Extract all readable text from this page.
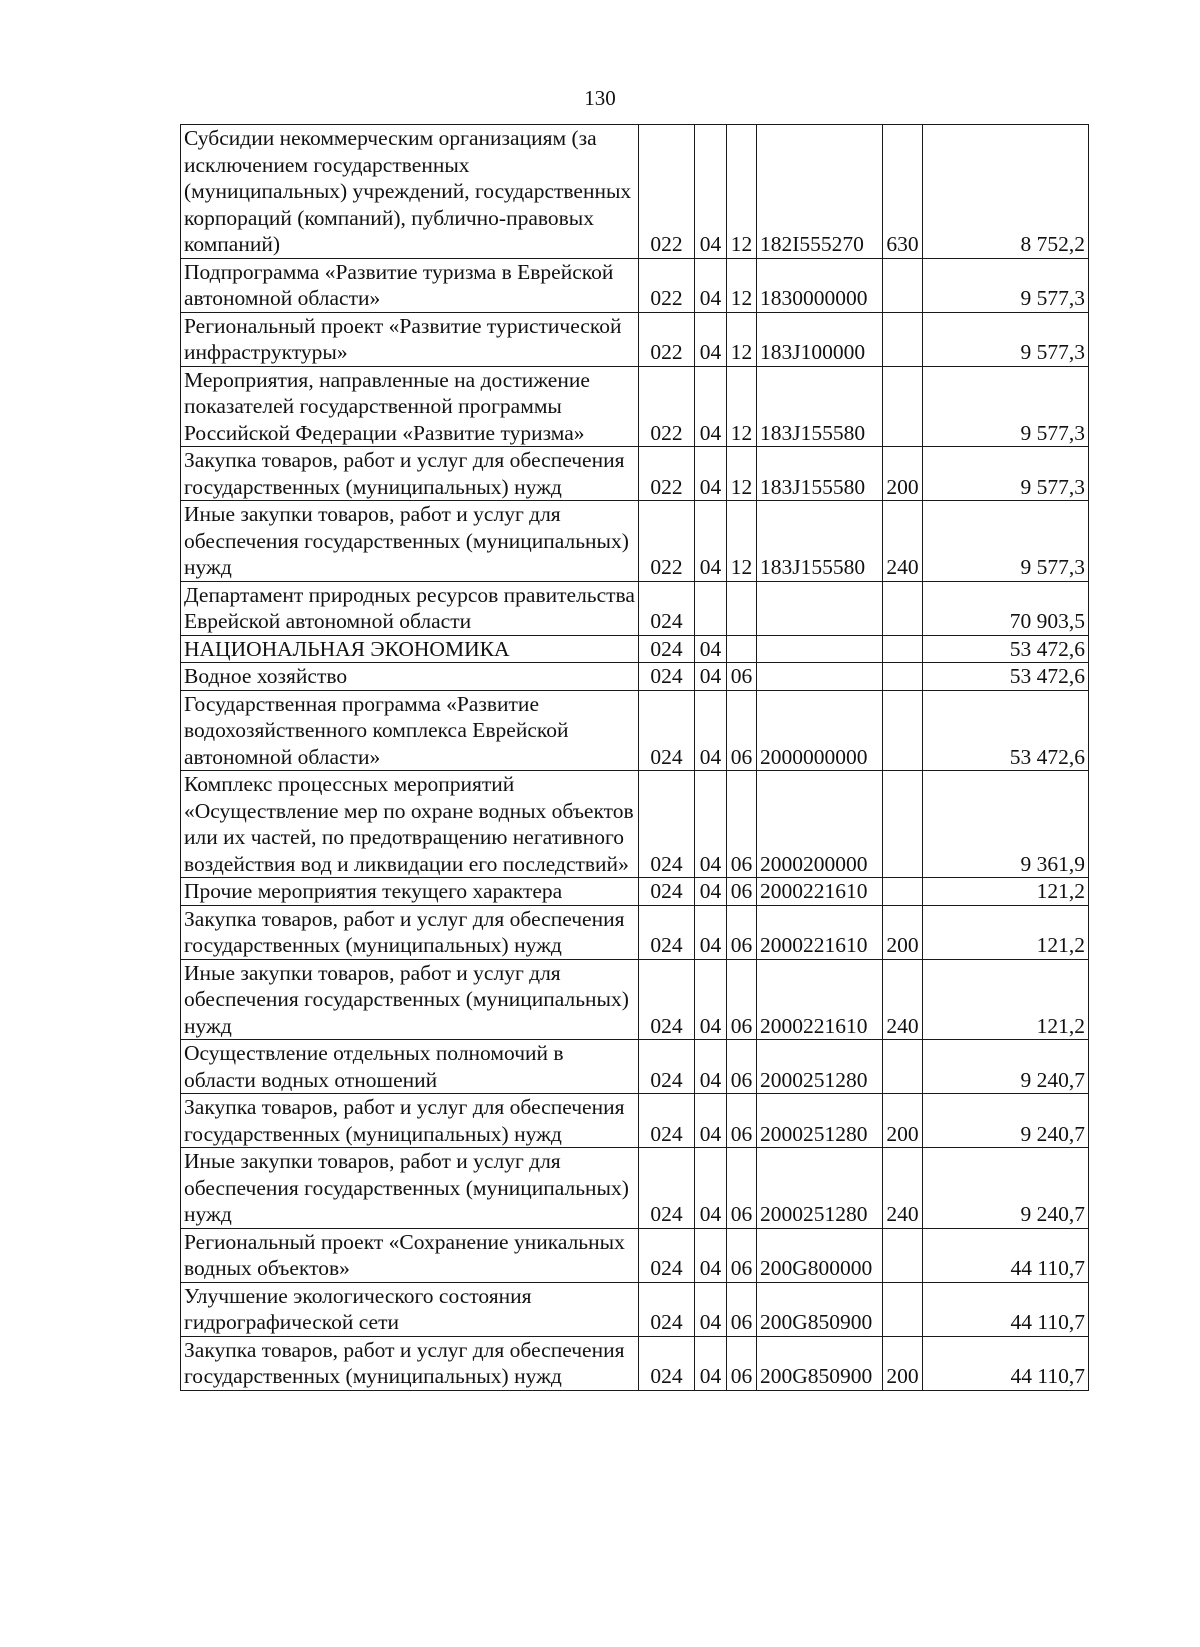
130
Субсидии некоммерческим организациям (за исключением государственных (муниципальных) учреждений, государственных корпораций (компаний), публично-правовых компаний)	022	04	12	182I555270	630	8 752,2
Подпрограмма «Развитие туризма в Еврейской автономной области»	022	04	12	1830000000		9 577,3
Региональный проект «Развитие туристической инфраструктуры»	022	04	12	183J100000		9 577,3
Мероприятия, направленные на достижение показателей государственной программы Российской Федерации «Развитие туризма»	022	04	12	183J155580		9 577,3
Закупка товаров, работ и услуг для обеспечения государственных (муниципальных) нужд	022	04	12	183J155580	200	9 577,3
Иные закупки товаров, работ и услуг для обеспечения государственных (муниципальных) нужд	022	04	12	183J155580	240	9 577,3
Департамент природных ресурсов правительства Еврейской автономной области	024					70 903,5
НАЦИОНАЛЬНАЯ ЭКОНОМИКА	024	04				53 472,6
Водное хозяйство	024	04	06			53 472,6
Государственная программа «Развитие водохозяйственного комплекса Еврейской автономной области»	024	04	06	2000000000		53 472,6
Комплекс процессных мероприятий «Осуществление мер по охране водных объектов или их частей, по предотвращению негативного воздействия вод и ликвидации его последствий»	024	04	06	2000200000		9 361,9
Прочие мероприятия текущего характера	024	04	06	2000221610		121,2
Закупка товаров, работ и услуг для обеспечения государственных (муниципальных) нужд	024	04	06	2000221610	200	121,2
Иные закупки товаров, работ и услуг для обеспечения государственных (муниципальных) нужд	024	04	06	2000221610	240	121,2
Осуществление отдельных полномочий в области водных отношений	024	04	06	2000251280		9 240,7
Закупка товаров, работ и услуг для обеспечения государственных (муниципальных) нужд	024	04	06	2000251280	200	9 240,7
Иные закупки товаров, работ и услуг для обеспечения государственных (муниципальных) нужд	024	04	06	2000251280	240	9 240,7
Региональный проект «Сохранение уникальных водных объектов»	024	04	06	200G800000		44 110,7
Улучшение экологического состояния гидрографической сети	024	04	06	200G850900		44 110,7
Закупка товаров, работ и услуг для обеспечения государственных (муниципальных) нужд	024	04	06	200G850900	200	44 110,7
